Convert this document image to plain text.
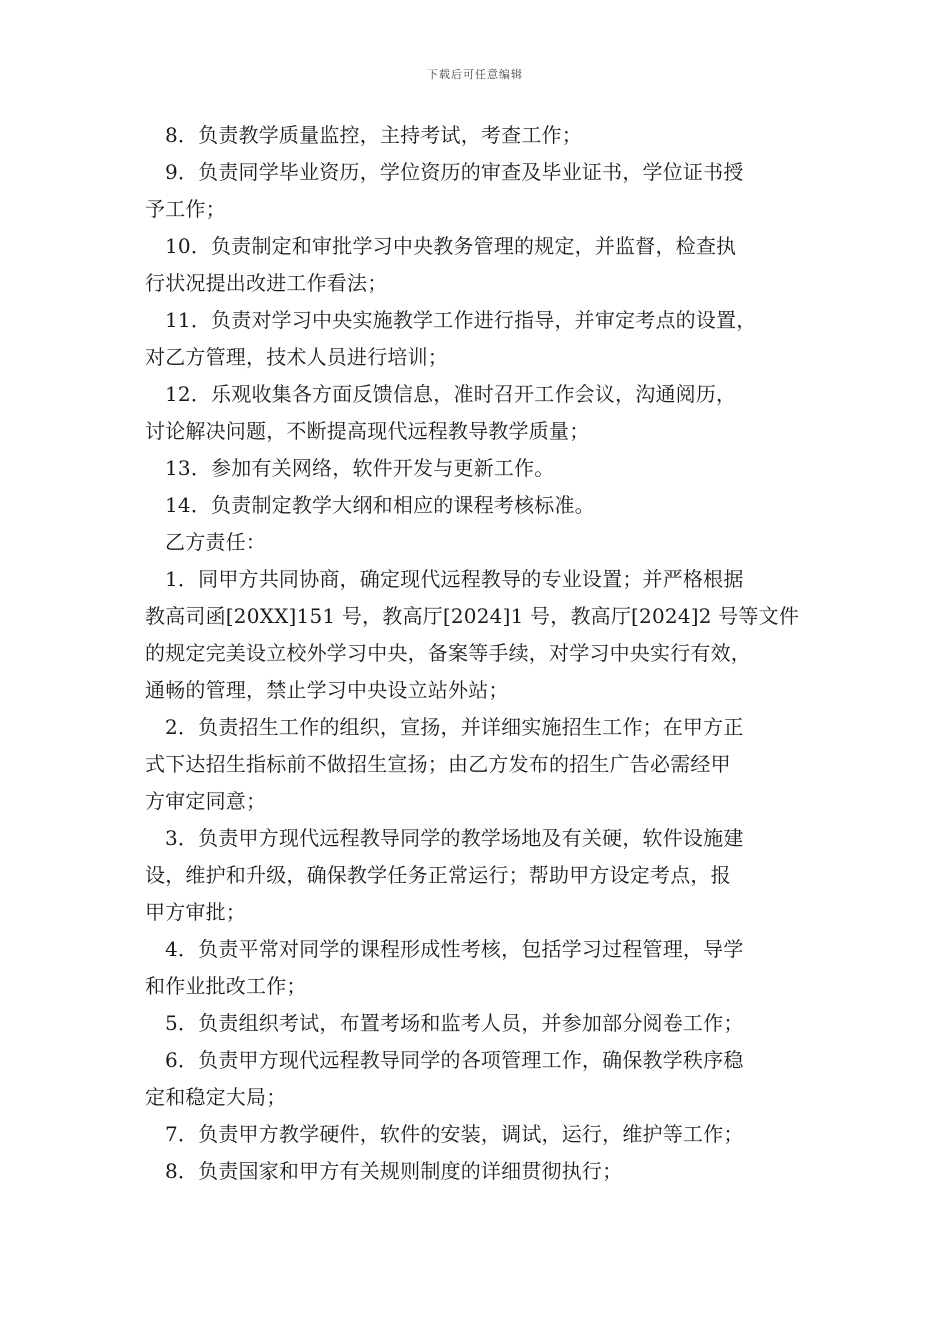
下载后可任意编辑
8．负责教学质量监控，主持考试，考查工作；
9．负责同学毕业资历，学位资历的审查及毕业证书，学位证书授
予工作；
10．负责制定和审批学习中央教务管理的规定，并监督，检查执
行状况提出改进工作看法；
11．负责对学习中央实施教学工作进行指导，并审定考点的设置，
对乙方管理，技术人员进行培训；
12．乐观收集各方面反馈信息，准时召开工作会议，沟通阅历，
讨论解决问题，不断提高现代远程教导教学质量；
13．参加有关网络，软件开发与更新工作。
14．负责制定教学大纲和相应的课程考核标准。
乙方责任：
1．同甲方共同协商，确定现代远程教导的专业设置；并严格根据
教高司函[20XX]151 号，教高厅[2024]1 号，教高厅[2024]2 号等文件
的规定完美设立校外学习中央，备案等手续，对学习中央实行有效，
通畅的管理，禁止学习中央设立站外站；
2．负责招生工作的组织，宣扬，并详细实施招生工作；在甲方正
式下达招生指标前不做招生宣扬；由乙方发布的招生广告必需经甲
方审定同意；
3．负责甲方现代远程教导同学的教学场地及有关硬，软件设施建
设，维护和升级，确保教学任务正常运行；帮助甲方设定考点，报
甲方审批；
4．负责平常对同学的课程形成性考核，包括学习过程管理，导学
和作业批改工作；
5．负责组织考试，布置考场和监考人员，并参加部分阅卷工作；
6．负责甲方现代远程教导同学的各项管理工作，确保教学秩序稳
定和稳定大局；
7．负责甲方教学硬件，软件的安装，调试，运行，维护等工作；
8．负责国家和甲方有关规则制度的详细贯彻执行；
